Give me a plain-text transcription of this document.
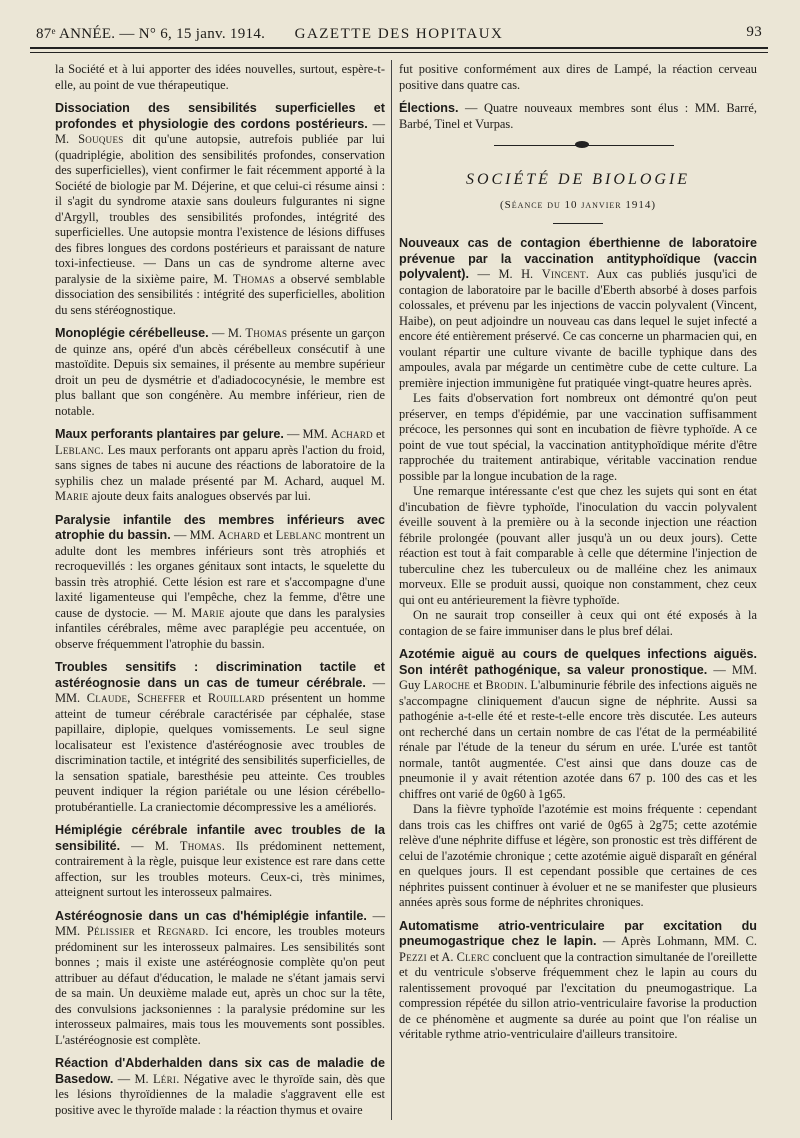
87ᵉ ANNÉE. — N° 6, 15 janv. 1914.	GAZETTE DES HOPITAUX	93

la Société et à lui apporter des idées nouvelles, surtout, espère-t-elle, au point de vue thérapeutique.

Dissociation des sensibilités superficielles et profondes et physiologie des cordons postérieurs. — M. Souques dit qu'une autopsie, autrefois publiée par lui (quadriplégie, abolition des sensibilités profondes, conservation des superficielles), vient confirmer le fait récemment apporté à la Société de biologie par M. Déjerine, et que celui-ci résume ainsi : il s'agit du syndrome ataxie sans douleurs fulgurantes ni signe d'Argyll, troubles des sensibilités profondes, intégrité des superficielles. Une autopsie montra l'existence de lésions diffuses des fibres longues des cordons postérieurs et paraissant de nature toxi-infectieuse. — Dans un cas de syndrome alterne avec paralysie de la sixième paire, M. Thomas a observé semblable dissociation des sensibilités : intégrité des superficielles, abolition du sens stéréognostique.

Monoplégie cérébelleuse. — M. Thomas présente un garçon de quinze ans, opéré d'un abcès cérébelleux consécutif à une mastoïdite. Depuis six semaines, il présente au membre supérieur droit un peu de dysmétrie et d'adiadococynésie, le membre est plus ballant que son congénère. Au membre inférieur, rien de notable.

Maux perforants plantaires par gelure. — MM. Achard et Leblanc. Les maux perforants ont apparu après l'action du froid, sans signes de tabes ni aucune des réactions de laboratoire de la syphilis chez un malade présenté par M. Achard, auquel M. Marie ajoute deux faits analogues observés par lui.

Paralysie infantile des membres inférieurs avec atrophie du bassin. — MM. Achard et Leblanc montrent un adulte dont les membres inférieurs sont très atrophiés et recroquevillés : les organes génitaux sont intacts, le squelette du bassin très atrophié. Cette lésion est rare et s'accompagne d'une laxité ligamenteuse qui l'empêche, chez la femme, d'être une cause de dystocie. — M. Marie ajoute que dans les paralysies infantiles cérébrales, même avec paraplégie peu accentuée, on observe fréquemment l'atrophie du bassin.

Troubles sensitifs : discrimination tactile et astéréognosie dans un cas de tumeur cérébrale. — MM. Claude, Scheffer et Rouillard présentent un homme atteint de tumeur cérébrale caractérisée par céphalée, stase papillaire, diplopie, quelques vomissements. Le seul signe localisateur est l'existence d'astéréognosie avec troubles de discrimination tactile, et intégrité des sensibilités superficielles, de la sensation spatiale, baresthésie peu atteinte. Ces troubles peuvent indiquer la région pariétale ou une lésion cérébello-protubérantielle. La craniectomie décompressive les a améliorés.

Hémiplégie cérébrale infantile avec troubles de la sensibilité. — M. Thomas. Ils prédominent nettement, contrairement à la règle, puisque leur existence est rare dans cette affection, sur les troubles moteurs. Ceux-ci, très minimes, atteignent surtout les interosseux palmaires.

Astéréognosie dans un cas d'hémiplégie infantile. — MM. Pélissier et Regnard. Ici encore, les troubles moteurs prédominent sur les interosseux palmaires. Les sensibilités sont bonnes ; mais il existe une astéréognosie complète qu'on peut attribuer au défaut d'éducation, le malade ne s'étant jamais servi de sa main. Un deuxième malade eut, après un choc sur la tête, des convulsions jacksoniennes : la paralysie prédomine sur les interosseux palmaires, mais tous les mouvements sont possibles. L'astéréognosie est complète.

Réaction d'Abderhalden dans six cas de maladie de Basedow. — M. Léri. Négative avec le thyroïde sain, dès que les lésions thyroïdiennes de la maladie s'aggravent elle est positive avec le thyroïde malade : la réaction thymus et ovaire

fut positive conformément aux dires de Lampé, la réaction cerveau positive dans quatre cas.

Élections. — Quatre nouveaux membres sont élus : MM. Barré, Barbé, Tinel et Vurpas.

SOCIÉTÉ DE BIOLOGIE
(Séance du 10 janvier 1914)

Nouveaux cas de contagion éberthienne de laboratoire prévenue par la vaccination antityphoïdique (vaccin polyvalent). — M. H. Vincent. Aux cas publiés jusqu'ici de contagion de laboratoire par le bacille d'Eberth absorbé à doses parfois colossales, et prévenu par les injections de vaccin polyvalent (Vincent, Haibe), on peut adjoindre un nouveau cas dans lequel le sujet infecté a encore été entièrement préservé. Ce cas concerne un pharmacien qui, en voulant répartir une culture vivante de bacille typhique dans des ampoules, avala par mégarde un centimètre cube de cette culture. La première injection immunigène fut pratiquée vingt-quatre heures après.

Les faits d'observation fort nombreux ont démontré qu'on peut préserver, en temps d'épidémie, par une vaccination suffisamment précoce, les personnes qui sont en incubation de fièvre typhoïde. A ce point de vue tout spécial, la vaccination antityphoïdique mérite d'être rapprochée du traitement antirabique, véritable vaccination rendue possible par la longue incubation de la rage.

Une remarque intéressante c'est que chez les sujets qui sont en état d'incubation de fièvre typhoïde, l'inoculation du vaccin polyvalent éveille souvent à la première ou à la seconde injection une réaction fébrile prolongée (pouvant aller jusqu'à un ou deux jours). Cette réaction est tout à fait comparable à celle que détermine l'injection de tuberculine chez les tuberculeux ou de malléine chez les animaux morveux. Elle se produit aussi, quoique non constamment, chez ceux qui ont eu antérieurement la fièvre typhoïde.

On ne saurait trop conseiller à ceux qui ont été exposés à la contagion de se faire immuniser dans le plus bref délai.

Azotémie aiguë au cours de quelques infections aiguës. Son intérêt pathogénique, sa valeur pronostique. — MM. Guy Laroche et Brodin. L'albuminurie fébrile des infections aiguës ne s'accompagne cliniquement d'aucun signe de néphrite. Aussi sa pathogénie a-t-elle été et reste-t-elle encore très discutée. Les auteurs ont recherché dans un certain nombre de cas l'état de la perméabilité rénale par l'étude de la teneur du sérum en urée. L'urée est tantôt normale, tantôt augmentée. C'est ainsi que dans douze cas de pneumonie il y avait rétention azotée dans 67 p. 100 des cas et les chiffres ont varié de 0g60 à 1g65.

Dans la fièvre typhoïde l'azotémie est moins fréquente : cependant dans trois cas les chiffres ont varié de 0g65 à 2g75; cette azotémie relève d'une néphrite diffuse et légère, son pronostic est très différent de celui de l'azotémie chronique ; cette azotémie aiguë disparaît en général en quelques jours. Il est cependant possible que certaines de ces néphrites puissent continuer à évoluer et ne se manifester que plusieurs années après sous forme de néphrites chroniques.

Automatisme atrio-ventriculaire par excitation du pneumogastrique chez le lapin. — Après Lohmann, MM. C. Pezzi et A. Clerc concluent que la contraction simultanée de l'oreillette et du ventricule s'observe fréquemment chez le lapin au cours du ralentissement provoqué par l'excitation du pneumogastrique. La compression répétée du sillon atrio-ventriculaire favorise la production de ce phénomène et augmente sa durée au point que l'on réalise un véritable rythme atrio-ventriculaire d'ailleurs transitoire.
